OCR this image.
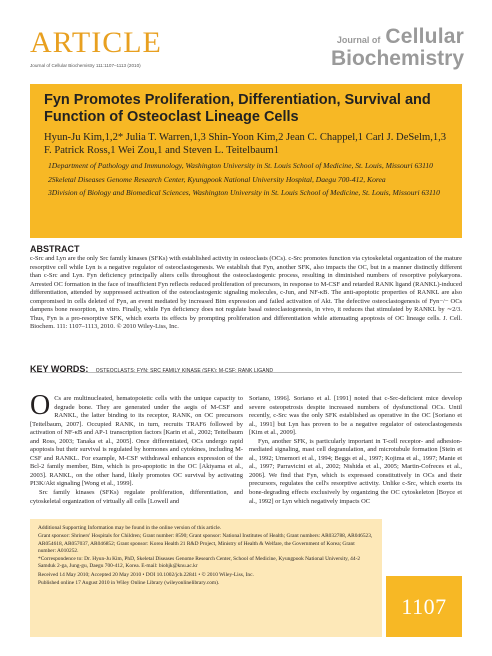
ARTICLE
Journal of Cellular Biochemistry 111:1107–1113 (2010)
Journal of Cellular
Biochemistry
Fyn Promotes Proliferation, Differentiation, Survival and Function of Osteoclast Lineage Cells
Hyun-Ju Kim,1,2* Julia T. Warren,1,3 Shin-Yoon Kim,2 Jean C. Chappel,1 Carl J. DeSelm,1,3 F. Patrick Ross,1 Wei Zou,1 and Steven L. Teitelbaum1
1Department of Pathology and Immunology, Washington University in St. Louis School of Medicine, St. Louis, Missouri 63110
2Skeletal Diseases Genome Research Center, Kyungpook National University Hospital, Daegu 700-412, Korea
3Division of Biology and Biomedical Sciences, Washington University in St. Louis School of Medicine, St. Louis, Missouri 63110
ABSTRACT
c-Src and Lyn are the only Src family kinases (SFKs) with established activity in osteoclasts (OCs). c-Src promotes function via cytoskeletal organization of the mature resorptive cell while Lyn is a negative regulator of osteoclastogenesis. We establish that Fyn, another SFK, also impacts the OC, but in a manner distinctly different than c-Src and Lyn. Fyn deficiency principally alters cells throughout the osteoclastogenic process, resulting in diminished numbers of resorptive polykaryons. Arrested OC formation in the face of insufficient Fyn reflects reduced proliferation of precursors, in response to M-CSF and retarded RANK ligand (RANKL)-induced differentiation, attended by suppressed activation of the osteoclastogenic signaling molecules, c-Jun, and NF-κB. The anti-apoptotic properties of RANKL are also compromised in cells deleted of Fyn, an event mediated by increased Bim expression and failed activation of Akt. The defective osteoclastogenesis of Fyn−/− OCs dampens bone resorption, in vitro. Finally, while Fyn deficiency does not regulate basal osteoclastogenesis, in vivo, it reduces that stimulated by RANKL by ∼2/3. Thus, Fyn is a pro-resorptive SFK, which exerts its effects by prompting proliferation and differentiation while attenuating apoptosis of OC lineage cells. J. Cell. Biochem. 111: 1107–1113, 2010. © 2010 Wiley-Liss, Inc.
KEY WORDS: OSTEOCLASTS; FYN; SRC FAMILY KINASE (SFK); M-CSF; RANK LIGAND

O Cs are multinucleated, hematopoietic cells with the unique capacity to degrade bone. They are generated under the aegis of M-CSF and RANKL, the latter binding to its receptor, RANK, on OC precursors [Teitelbaum, 2007]. Occupied RANK, in turn, recruits TRAF6 followed by activation of NF-κB and AP-1 transcription factors [Karin et al., 2002; Teitelbaum and Ross, 2003; Tanaka et al., 2005]. Once differentiated, OCs undergo rapid apoptosis but their survival is regulated by hormones and cytokines, including M-CSF and RANKL. For example, M-CSF withdrawal enhances expression of the Bcl-2 family member, Bim, which is pro-apoptotic in the OC [Akiyama et al., 2003]. RANKL, on the other hand, likely promotes OC survival by activating PI3K/Akt signaling [Wong et al., 1999].

Src family kinases (SFKs) regulate proliferation, differentiation, and cytoskeletal organization of virtually all cells [Lowell and

Soriano, 1996]. Soriano et al. [1991] noted that c-Src-deficient mice develop severe osteopetrosis despite increased numbers of dysfunctional OCs. Until recently, c-Src was the only SFK established as operative in the OC [Soriano et al., 1991] but Lyn has proven to be a negative regulator of osteoclastogenesis [Kim et al., 2009].

Fyn, another SFK, is particularly important in T-cell receptor- and adhesion-mediated signaling, mast cell degranulation, and microtubule formation [Stein et al., 1992; Umemori et al., 1994; Beggs et al., 1997; Kojima et al., 1997; Manie et al., 1997; Parravicini et al., 2002; Nishida et al., 2005; Martin-Cofreces et al., 2006]. We find that Fyn, which is expressed constitutively in OCs and their precursors, regulates the cell's resorptive activity. Unlike c-Src, which exerts its bone-degrading effects exclusively by organizing the OC cytoskeleton [Boyce et al., 1992] or Lyn which negatively impacts OC

Additional Supporting Information may be found in the online version of this article.
Grant sponsor: Shriners' Hospitals for Children; Grant number: 8590; Grant sponsor: National Institutes of Health; Grant numbers: AR032788, AR046523, AR054618, AR057037, AR046852; Grant sponsor: Korea Health 21 R&D Project, Ministry of Health & Welfare, the Government of Korea; Grant number: A010252.
*Correspondence to: Dr. Hyun-Ju Kim, PhD, Skeletal Diseases Genome Research Center, School of Medicine, Kyungpook National University, 44-2 Samduk 2-ga, Jung-gu, Daegu 700-412, Korea. E-mail: biohjk@knu.ac.kr
Received 14 May 2010; Accepted 20 May 2010 • DOI 10.1002/jcb.22841 • © 2010 Wiley-Liss, Inc.
Published online 17 August 2010 in Wiley Online Library (wileyonlinelibrary.com).
1107
